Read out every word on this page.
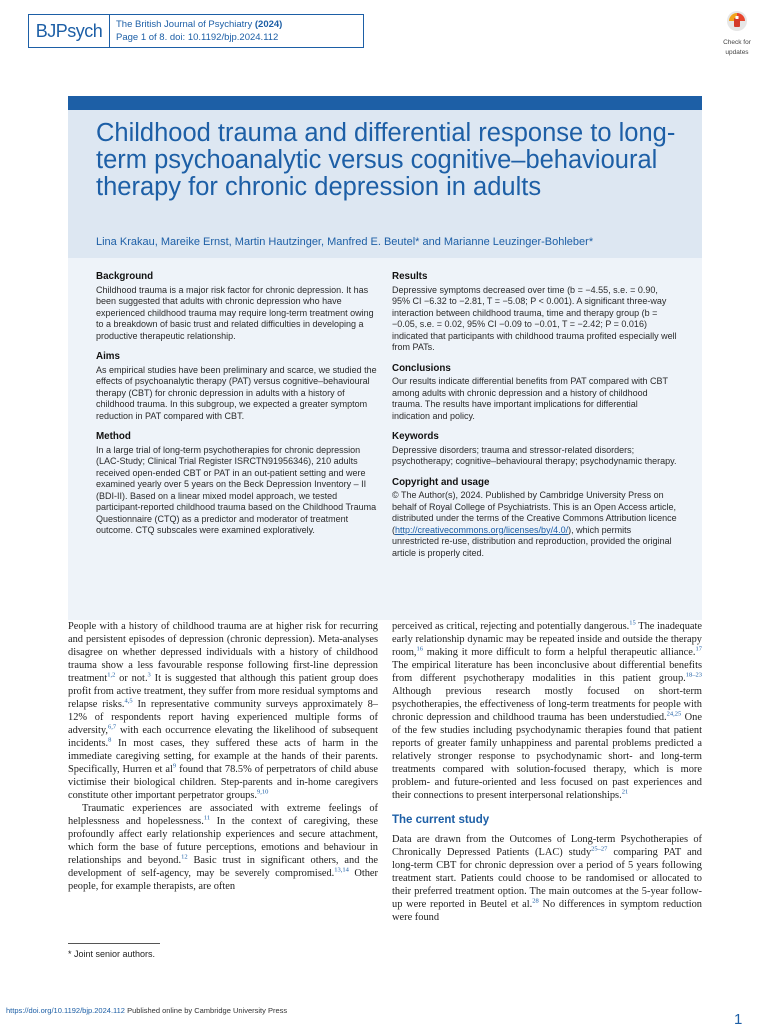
BJPsych The British Journal of Psychiatry (2024)
Page 1 of 8. doi: 10.1192/bjp.2024.112	Check for
updates
Childhood trauma and differential response to long-term psychoanalytic versus cognitive–behavioural therapy for chronic depression in adults
Lina Krakau, Mareike Ernst, Martin Hautzinger, Manfred E. Beutel* and Marianne Leuzinger-Bohleber*
Background

Childhood trauma is a major risk factor for chronic depression. It has been suggested that adults with chronic depression who have experienced childhood trauma may require long-term treatment owing to a breakdown of basic trust and related difficulties in developing a productive therapeutic relationship.

Aims

As empirical studies have been preliminary and scarce, we studied the effects of psychoanalytic therapy (PAT) versus cognitive–behavioural therapy (CBT) for chronic depression in adults with a history of childhood trauma. In this subgroup, we expected a greater symptom reduction in PAT compared with CBT.

Method

In a large trial of long-term psychotherapies for chronic depression (LAC-Study; Clinical Trial Register ISRCTN91956346), 210 adults received open-ended CBT or PAT in an out-patient setting and were examined yearly over 5 years on the Beck Depression Inventory – II (BDI-II). Based on a linear mixed model approach, we tested participant-reported childhood trauma based on the Childhood Trauma Questionnaire (CTQ) as a predictor and moderator of treatment outcome. CTQ subscales were examined exploratively.

Results

Depressive symptoms decreased over time (b = −4.55, s.e. = 0.90, 95% CI −6.32 to −2.81, T = −5.08; P < 0.001). A significant three-way interaction between childhood trauma, time and therapy group (b = −0.05, s.e. = 0.02, 95% CI −0.09 to −0.01, T = −2.42; P = 0.016) indicated that participants with childhood trauma profited especially well from PATs.

Conclusions

Our results indicate differential benefits from PAT compared with CBT among adults with chronic depression and a history of childhood trauma. The results have important implications for differential indication and policy.

Keywords

Depressive disorders; trauma and stressor-related disorders; psychotherapy; cognitive–behavioural therapy; psychodynamic therapy.

Copyright and usage

© The Author(s), 2024. Published by Cambridge University Press on behalf of Royal College of Psychiatrists. This is an Open Access article, distributed under the terms of the Creative Commons Attribution licence (http://creativecommons.org/licenses/by/4.0/), which permits unrestricted re-use, distribution and reproduction, provided the original article is properly cited.

People with a history of childhood trauma are at higher risk for recurring and persistent episodes of depression (chronic depression). Meta-analyses disagree on whether depressed individuals with a history of childhood trauma show a less favourable response following first-line depression treatment$^{1,2}$ or not.$^3$ It is suggested that although this patient group does profit from active treatment, they suffer from more residual symptoms and relapse risks.$^{4,5}$ In representative community surveys approximately 8–12% of respondents report having experienced multiple forms of adversity,$^{6,7}$ with each occurrence elevating the likelihood of subsequent incidents.$^8$ In most cases, they suffered these acts of harm in the immediate caregiving setting, for example at the hands of their parents. Specifically, Hurren et $al^9$ found that 78.5% of perpetrators of child abuse victimise their biological children. Step-parents and in-home caregivers constitute other important perpetrator groups.$^{9,10}$

Traumatic experiences are associated with extreme feelings of helplessness and hopelessness.$^{11}$ In the context of caregiving, these profoundly affect early relationship experiences and secure attachment, which form the base of future perceptions, emotions and behaviour in relationships and beyond.$^{12}$ Basic trust in significant others, and the development of self-agency, may be severely compromised.$^{13,14}$ Other people, for example therapists, are often

perceived as critical, rejecting and potentially dangerous.$^{15}$ The inadequate early relationship dynamic may be repeated inside and outside the therapy room,$^{16}$ making it more difficult to form a helpful therapeutic alliance.$^{17}$ The empirical literature has been inconclusive about differential benefits from different psychotherapy modalities in this patient group.$^{18-23}$ Although previous research mostly focused on short-term psychotherapies, the effectiveness of long-term treatments for people with chronic depression and childhood trauma has been understudied.$^{24,25}$ One of the few studies including psychodynamic therapies found that patient reports of greater family unhappiness and parental problems predicted a relatively stronger response to psychodynamic short- and long-term treatments compared with solution-focused therapy, which is more problem- and future-oriented and less focused on past experiences and their connections to present interpersonal relationships.$^{21}$

The current study

Data are drawn from the Outcomes of Long-term Psychotherapies of Chronically Depressed Patients (LAC) study$^{25-27}$ comparing PAT and long-term CBT for chronic depression over a period of 5 years following treatment start. Patients could choose to be randomised or allocated to their preferred treatment option. The main outcomes at the 5-year follow-up were reported in Beutel et al.$^{28}$ No differences in symptom reduction were found

* Joint senior authors.
https://doi.org/10.1192/bjp.2024.112 Published online by Cambridge University Press
1
